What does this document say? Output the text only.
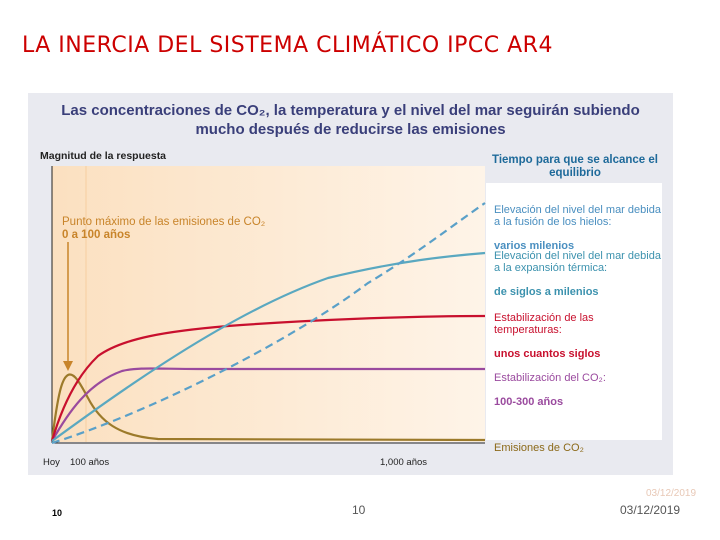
LA INERCIA DEL SISTEMA CLIMÁTICO IPCC AR4
Punto máximo de las emisiones de CO₂
0 a 100 años
Las concentraciones de CO₂, la temperatura y el nivel del mar seguirán subiendo
mucho después de reducirse las emisiones
Magnitud de la respuesta	Tiempo para que se alcance el equilibrio

Elevación del nivel del mar debida a la fusión de los hielos:

varios milenios

Elevación del nivel del mar debida a la expansión térmica:

de siglos a milenios

Estabilización de las temperaturas:

unos cuantos siglos

Estabilización del CO₂:

100-300 años

Emisiones de CO₂

Hoy 100 años	1,000 años
10	10
03/12/2019
03/12/2019
